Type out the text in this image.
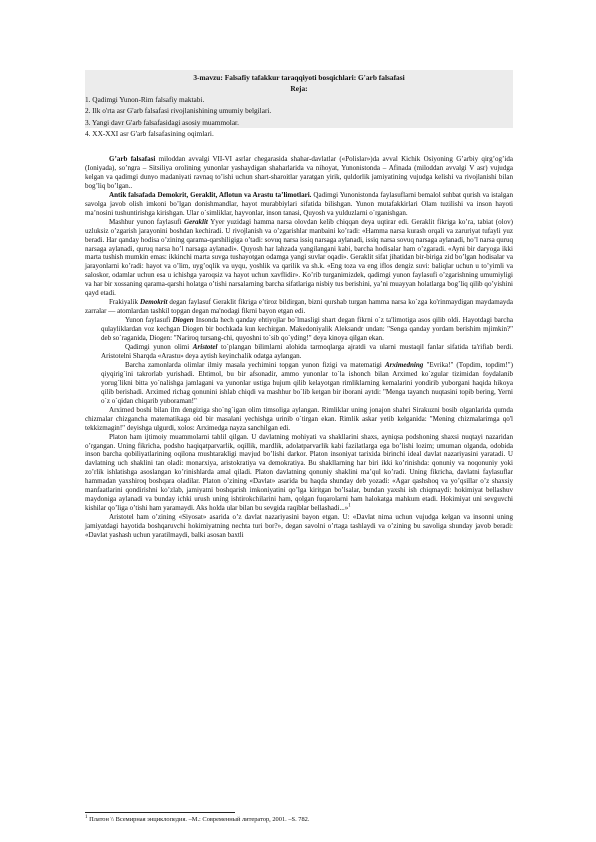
3-mavzu: Falsafiy tafakkur taraqqiyoti bosqichlari: G'arb falsafasi
Reja:
1. Qadimgi Yunon-Rim falsafiy maktabi.
2. Ilk o'rta asr G'arb falsafasi rivojlanishining umumiy belgilari.
3. Yangi davr G'arb falsafasidagi asosiy muammolar.
4. XX-XXI asr G'arb falsafasining oqimlari.

G’arb falsafasi miloddan avvalgi VII-VI asrlar chegarasida shahar-davlatlar («Polislar»)da avval Kichik Osiyoning G’arbiy qirg’og’ida (Ioniyada), so’ngra – Sitsiliya orolining yunonlar yashaydigan shaharlarida va nihoyat, Yunonistonda – Afinada (miloddan avvalgi V asr) vujudga kelgan va qadimgi dunyo madaniyati ravnaq to’ishi uchun shart-sharoitlar yaratgan yirik, quldorlik jamiyatining vujudga kelishi va rivojlanishi bilan bog’liq bo’lgan..

Antik falsafada Demokrit, Geraklit, Aflotun va Arastu ta’limotlari. Qadimgi Yunonistonda faylasuflarni bemalol suhbat qurish va istalgan savolga javob olish imkoni bo’lgan donishmandlar, hayot murabbiylari sifatida bilishgan. Yunon mutafakkirlari Olam tuzilishi va inson hayoti ma’nosini tushuntirishga kirishgan. Ular o`simliklar, hayvonlar, inson tanasi, Quyosh va yulduzlarni o`rganishgan.

Mashhur yunon faylasufi Geraklit Yyer yuzidagi hamma narsa olovdan kelib chiqqan deya uqtirar edi. Geraklit fikriga ko’ra, tabiat (olov) uzluksiz o’zgarish jarayonini boshdan kechiradi. U rivojlanish va o’zgarishlar manbaini ko’radi: «Hamma narsa kurash orqali va zaruriyat tufayli yuz beradi. Har qanday hodisa o’zining qarama-qarshiligiga o’tadi: sovuq narsa issiq narsaga aylanadi, issiq narsa sovuq narsaga aylanadi, ho’l narsa quruq narsaga aylanadi, quruq narsa ho’l narsaga aylanadi». Quyosh har lahzada yangilangani kabi, barcha hodisalar ham o’zgaradi. «Ayni bir daryoga ikki marta tushish mumkin emas: ikkinchi marta suvga tushayotgan odamga yangi suvlar oqadi». Geraklit sifat jihatidan bir-biriga zid bo’lgan hodisalar va jarayonlarni ko’radi: hayot va o’lim, uyg’oqlik va uyqu, yoshlik va qarilik va sh.k. «Eng toza va eng iflos dengiz suvi: baliqlar uchun u to’yimli va saloskor, odamlar uchun esa u ichishga yaroqsiz va hayot uchun xavflidir». Ko’rib turganimizdek, qadimgi yunon faylasufi o’zgarishning umumiyligi va har bir xossaning qarama-qarshi holatga o’tishi narsalarning barcha sifatlariga nisbiy tus berishini, ya’ni muayyan holatlarga bog’liq qilib qo’yishini qayd etadi.

Frakiyalik Demokrit degan faylasuf Geraklit fikriga e’tiroz bildirgan, bizni qurshab turgan hamma narsa ko`zga ko'rinmaydigan maydamayda zarralar — atomlardan tashkil topgan degan ma'nodagi fikrni bayon etgan edi.

Yunon faylasufi Diogen Insonda hech qanday ehtiyojlar bo`lmasligi shart degan fikrni o`z ta'limotiga asos qilib oldi. Hayotdagi barcha qulayliklardan voz kechgan Diogen bir bochkada kun kechirgan. Makedoniyalik Aleksandr undan: "Senga qanday yordam berishim mjimkin?" deb so`raganida, Diogen: "Narіroq tursang-chi, quyoshni to`sib qo`yding!" deya kinoya qilgan ekan.

Qadimgi yunon olimi Aristotel to`plangan bilimlarni alohida tarmoqlarga ajratdi va ularni mustaqil fanlar sifatida ta'rifiab berdi. Aristotelni Sharqda «Arastu» deya aytish keyinchalik odatga aylangan.

Barcha zamonlarda olimlar ilmiy masala yechimini topgan yunon fizigi va matematigi Arximedning "Evrika!" (Topdim, topdim!") qiyqirig`ini takrorlab yurishadi. Ehtimol, bu bir afsonadir, ammo yunonlar to`la ishonch bilan Arximed ko`zgular tizimidan foydalanib yorug`likni bitta yo`nalishga jamlagani va yunonlar ustiga hujum qilib kelayotgan rimliklarning kemalarini yondirib yuborgani haqida hikoya qilib berishadi. Arximed richag qonunini ishlab chiqdi va mashhur bo`lib ketgan bir iborani aytdi: "Menga tayanch nuqtasini topib bering, Yerni o`z o`qidan chiqarib yuboraman!"

Arximed boshi bilan ilm dengiziga sho`ng`igan olim timsoliga aylangan. Rimliklar uning jonajon shahri Sirakuzni bosib olganlarida qumda chizmalar chizgancha matematikaga oid bir masalani yechishga urinib o`tirgan ekan. Rimlik askar yetib kelganida: "Mening chizmalarimga qo'l tekkizmagin!" deyishga ulgurdi, xolos: Arximedga nayza sanchilgan edi.

Platon ham ijtimoiy muammolarni tahlil qilgan. U davlatning mohiyati va shakllarini shaxs, ayniqsa podshoning shaxsi nuqtayi nazaridan o’rgangan. Uning fikricha, podsho haqiqatparvarlik, oqillik, mardlik, adolatparvarlik kabi fazilatlarga ega bo’lishi lozim; umuman olganda, odobida inson barcha qobiliyatlarining oqilona mushtarakligi mavjud bo’lishi darkor. Platon insoniyat tarixida birinchi ideal davlat nazariyasini yaratadi. U davlatning uch shaklini tan oladi: monarxiya, aristokratiya va demokratiya. Bu shakllarning har biri ikki ko’rinishda: qonuniy va noqonuniy yoki zo’rlik ishlatishga asoslangan ko’rinishlarda amal qiladi. Platon davlatning qonuniy shaklini ma’qul ko’radi. Uning fikricha, davlatni faylasuflar hammadan yaxshiroq boshqara oladilar. Platon o’zining «Davlat» asarida bu haqda shunday deb yozadi: «Agar qashshoq va yo’qsillar o’z shaxsiy manfaatlarini qondirishni ko’zlab, jamiyatni boshqarish imkoniyatini qo’lga kiritgan bo’lsalar, bundan yaxshi ish chiqmaydi: hokimiyat bellashuv maydoniga aylanadi va bunday ichki urush uning ishtirokchilarini ham, qolgan fuqarolarni ham halokatga mahkum etadi. Hokimiyat uni sevguvchi kishilar qo’liga o’tishi ham yaramaydi. Aks holda ular bilan bu sevgida raqiblar bellashadi...»$^1$

Aristotel ham o’zining «Siyosat» asarida o’z davlat nazariyasini bayon etgan. U: «Davlat nima uchun vujudga kelgan va insonni uning jamiyatdagi hayotida boshqaruvchi hokimiyatning nechta turi bor?», degan savolni o’rtaga tashlaydi va o’zining bu savoliga shunday javob beradi: «Davlat yashash uchun yaratilmaydi, balki asosan baxtli

$^1$ Платон \\ Всемирная энциклопедия. –М.: Современный литератор, 2001. –S. 782.
